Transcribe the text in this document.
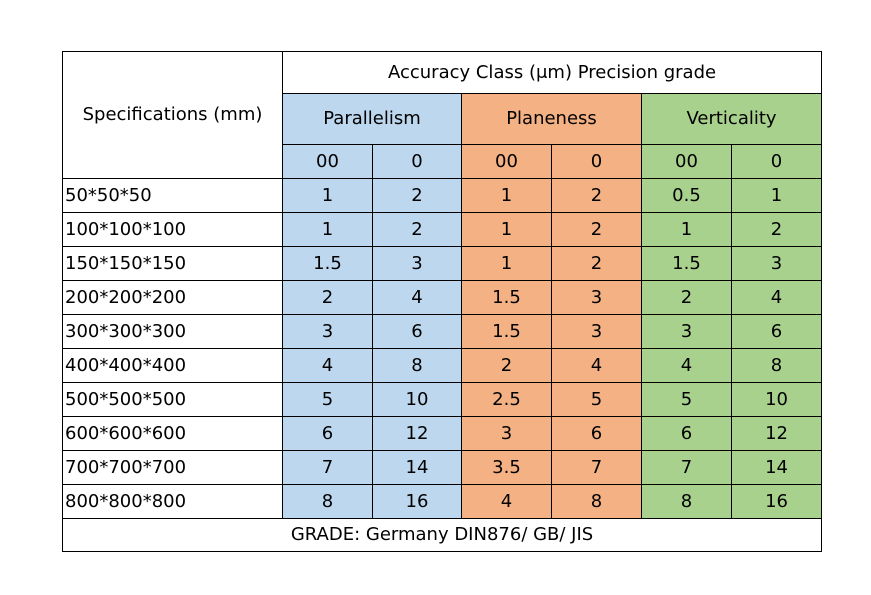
Specifications (mm)	Accuracy Class (μm) Precision grade					
	Parallelism		Planeness		Verticality	
	00	0	00	0	00	0
50*50*50	1	2	1	2	0.5	1
100*100*100	1	2	1	2	1	2
150*150*150	1.5	3	1	2	1.5	3
200*200*200	2	4	1.5	3	2	4
300*300*300	3	6	1.5	3	3	6
400*400*400	4	8	2	4	4	8
500*500*500	5	10	2.5	5	5	10
600*600*600	6	12	3	6	6	12
700*700*700	7	14	3.5	7	7	14
800*800*800	8	16	4	8	8	16
GRADE: Germany DIN876/ GB/ JIS						
